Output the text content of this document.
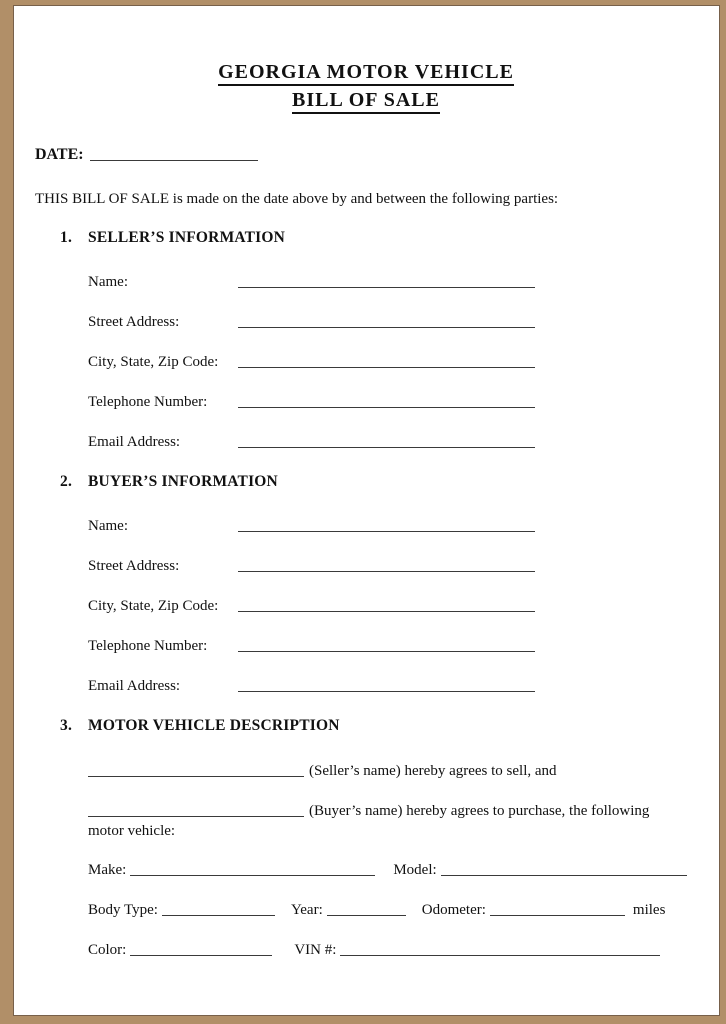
GEORGIA MOTOR VEHICLE
BILL OF SALE
DATE:

THIS BILL OF SALE is made on the date above by and between the following parties:

1. SELLER’S INFORMATION
Name:
Street Address:
City, State, Zip Code:
Telephone Number:
Email Address:
2. BUYER’S INFORMATION
Name:
Street Address:
City, State, Zip Code:
Telephone Number:
Email Address:
3. MOTOR VEHICLE DESCRIPTION

(Seller’s name) hereby agrees to sell, and

(Buyer’s name) hereby agrees to purchase, the following
motor vehicle:

Make:	Model:
Body Type:	Year:	Odometer:	miles
Color:	VIN #:
